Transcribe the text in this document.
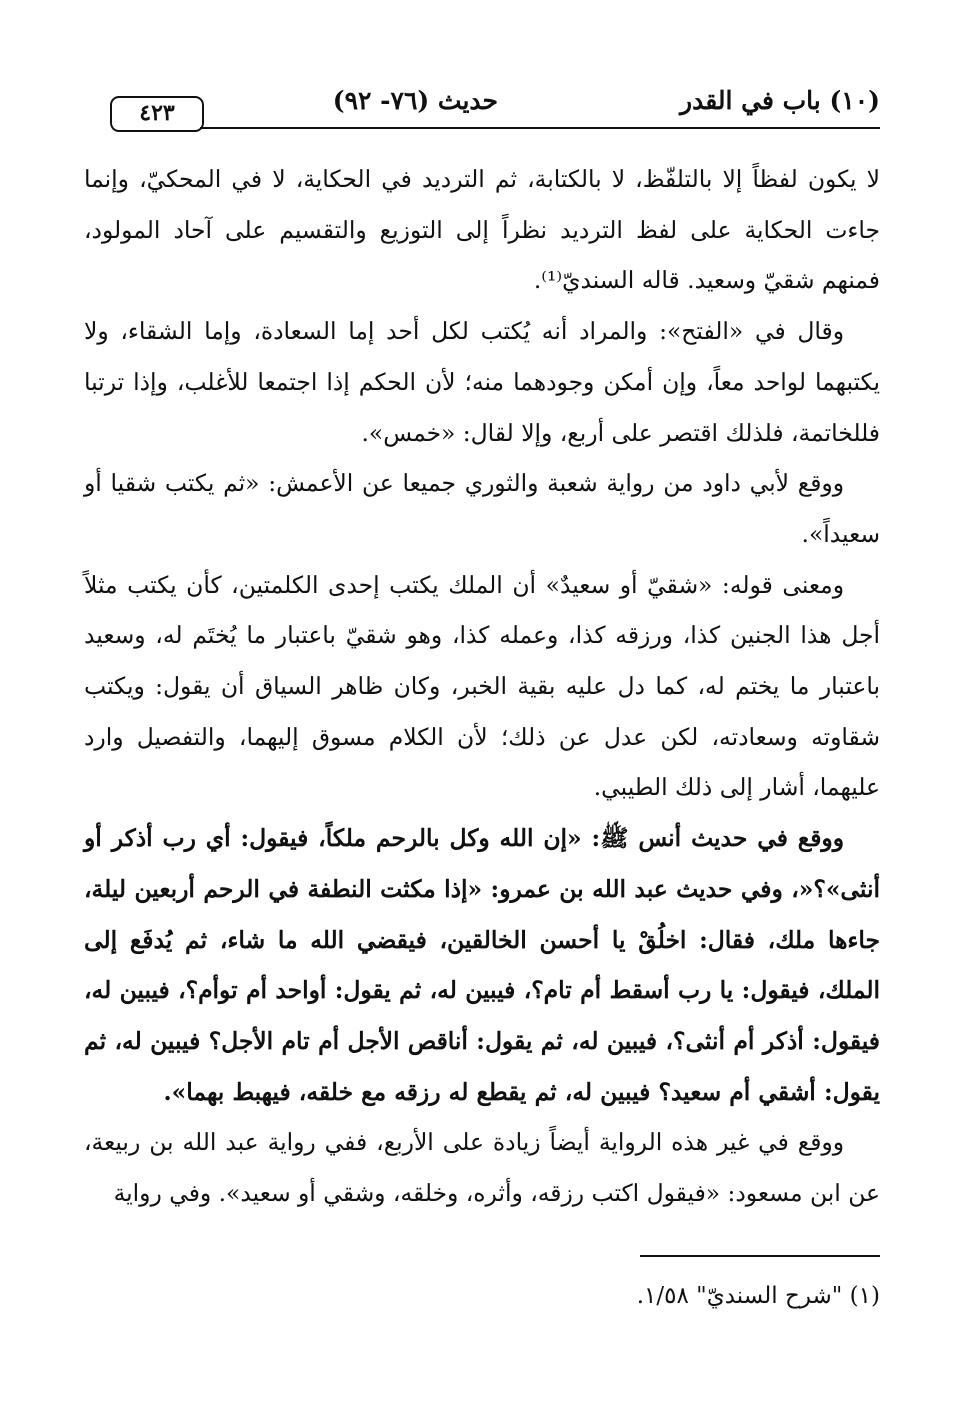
(١٠) باب في القدر
حديث (٧٦- ٩٢)
٤٢٣

لا يكون لفظاً إلا بالتلفّظ، لا بالكتابة، ثم الترديد في الحكاية، لا في المحكيّ، وإنما جاءت الحكاية على لفظ الترديد نظراً إلى التوزيع والتقسيم على آحاد المولود، فمنهم شقيّ وسعيد. قاله السنديّ⁽¹⁾.

وقال في «الفتح»: والمراد أنه يُكتب لكل أحد إما السعادة، وإما الشقاء، ولا يكتبهما لواحد معاً، وإن أمكن وجودهما منه؛ لأن الحكم إذا اجتمعا للأغلب، وإذا ترتبا فللخاتمة، فلذلك اقتصر على أربع، وإلا لقال: «خمس».

ووقع لأبي داود من رواية شعبة والثوري جميعا عن الأعمش: «ثم يكتب شقيا أو سعيداً».

ومعنى قوله: «شقيّ أو سعيدٌ» أن الملك يكتب إحدى الكلمتين، كأن يكتب مثلاً أجل هذا الجنين كذا، ورزقه كذا، وعمله كذا، وهو شقيّ باعتبار ما يُختَم له، وسعيد باعتبار ما يختم له، كما دل عليه بقية الخبر، وكان ظاهر السياق أن يقول: ويكتب شقاوته وسعادته، لكن عدل عن ذلك؛ لأن الكلام مسوق إليهما، والتفصيل وارد عليهما، أشار إلى ذلك الطيبي.

ووقع في حديث أنس ﷺ: «إن الله وكل بالرحم ملكاً، فيقول: أي رب أذكر أو أنثى»؟«، وفي حديث عبد الله بن عمرو: «إذا مكثت النطفة في الرحم أربعين ليلة، جاءها ملك، فقال: اخلُقْ يا أحسن الخالقين، فيقضي الله ما شاء، ثم يُدفَع إلى الملك، فيقول: يا رب أسقط أم تام؟، فيبين له، ثم يقول: أواحد أم توأم؟، فيبين له، فيقول: أذكر أم أنثى؟، فيبين له، ثم يقول: أناقص الأجل أم تام الأجل؟ فيبين له، ثم يقول: أشقي أم سعيد؟ فيبين له، ثم يقطع له رزقه مع خلقه، فيهبط بهما».

ووقع في غير هذه الرواية أيضاً زيادة على الأربع، ففي رواية عبد الله بن ربيعة، عن ابن مسعود: «فيقول اكتب رزقه، وأثره، وخلقه، وشقي أو سعيد». وفي رواية

(١) "شرح السنديّ" ١/٥٨.
